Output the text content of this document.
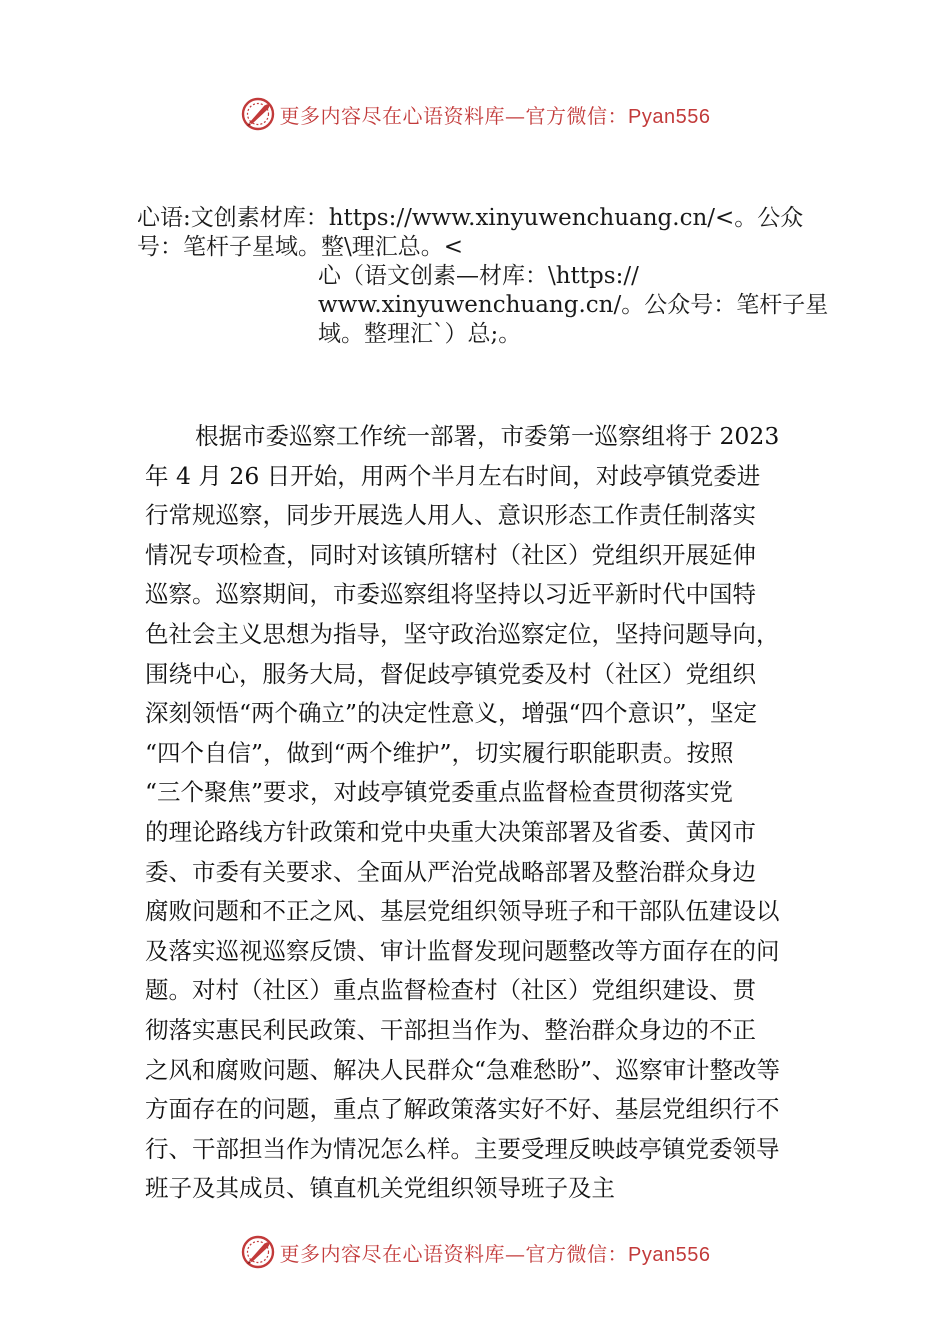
更多内容尽在心语资料库—官方微信：Pyan556
心语:文创素材库：https://www.xinyuwenchuang.cn/<。公众
号：笔杆子星域。整\理汇总。<
心（语文创素—材库：\https://
www.xinyuwenchuang.cn/。公众号：笔杆子星
域。整理汇`）总;。
根据市委巡察工作统一部署，市委第一巡察组将于 2023
年 4 月 26 日开始，用两个半月左右时间，对歧亭镇党委进
行常规巡察，同步开展选人用人、意识形态工作责任制落实
情况专项检查，同时对该镇所辖村（社区）党组织开展延伸
巡察。巡察期间，市委巡察组将坚持以习近平新时代中国特
色社会主义思想为指导，坚守政治巡察定位，坚持问题导向，
围绕中心，服务大局，督促歧亭镇党委及村（社区）党组织
深刻领悟“两个确立”的决定性意义，增强“四个意识”，坚定
“四个自信”，做到“两个维护”，切实履行职能职责。按照
“三个聚焦”要求，对歧亭镇党委重点监督检查贯彻落实党
的理论路线方针政策和党中央重大决策部署及省委、黄冈市
委、市委有关要求、全面从严治党战略部署及整治群众身边
腐败问题和不正之风、基层党组织领导班子和干部队伍建设以
及落实巡视巡察反馈、审计监督发现问题整改等方面存在的问
题。对村（社区）重点监督检查村（社区）党组织建设、贯
彻落实惠民利民政策、干部担当作为、整治群众身边的不正
之风和腐败问题、解决人民群众“急难愁盼”、巡察审计整改等
方面存在的问题，重点了解政策落实好不好、基层党组织行不
行、干部担当作为情况怎么样。主要受理反映歧亭镇党委领导
班子及其成员、镇直机关党组织领导班子及主
更多内容尽在心语资料库—官方微信：Pyan556
